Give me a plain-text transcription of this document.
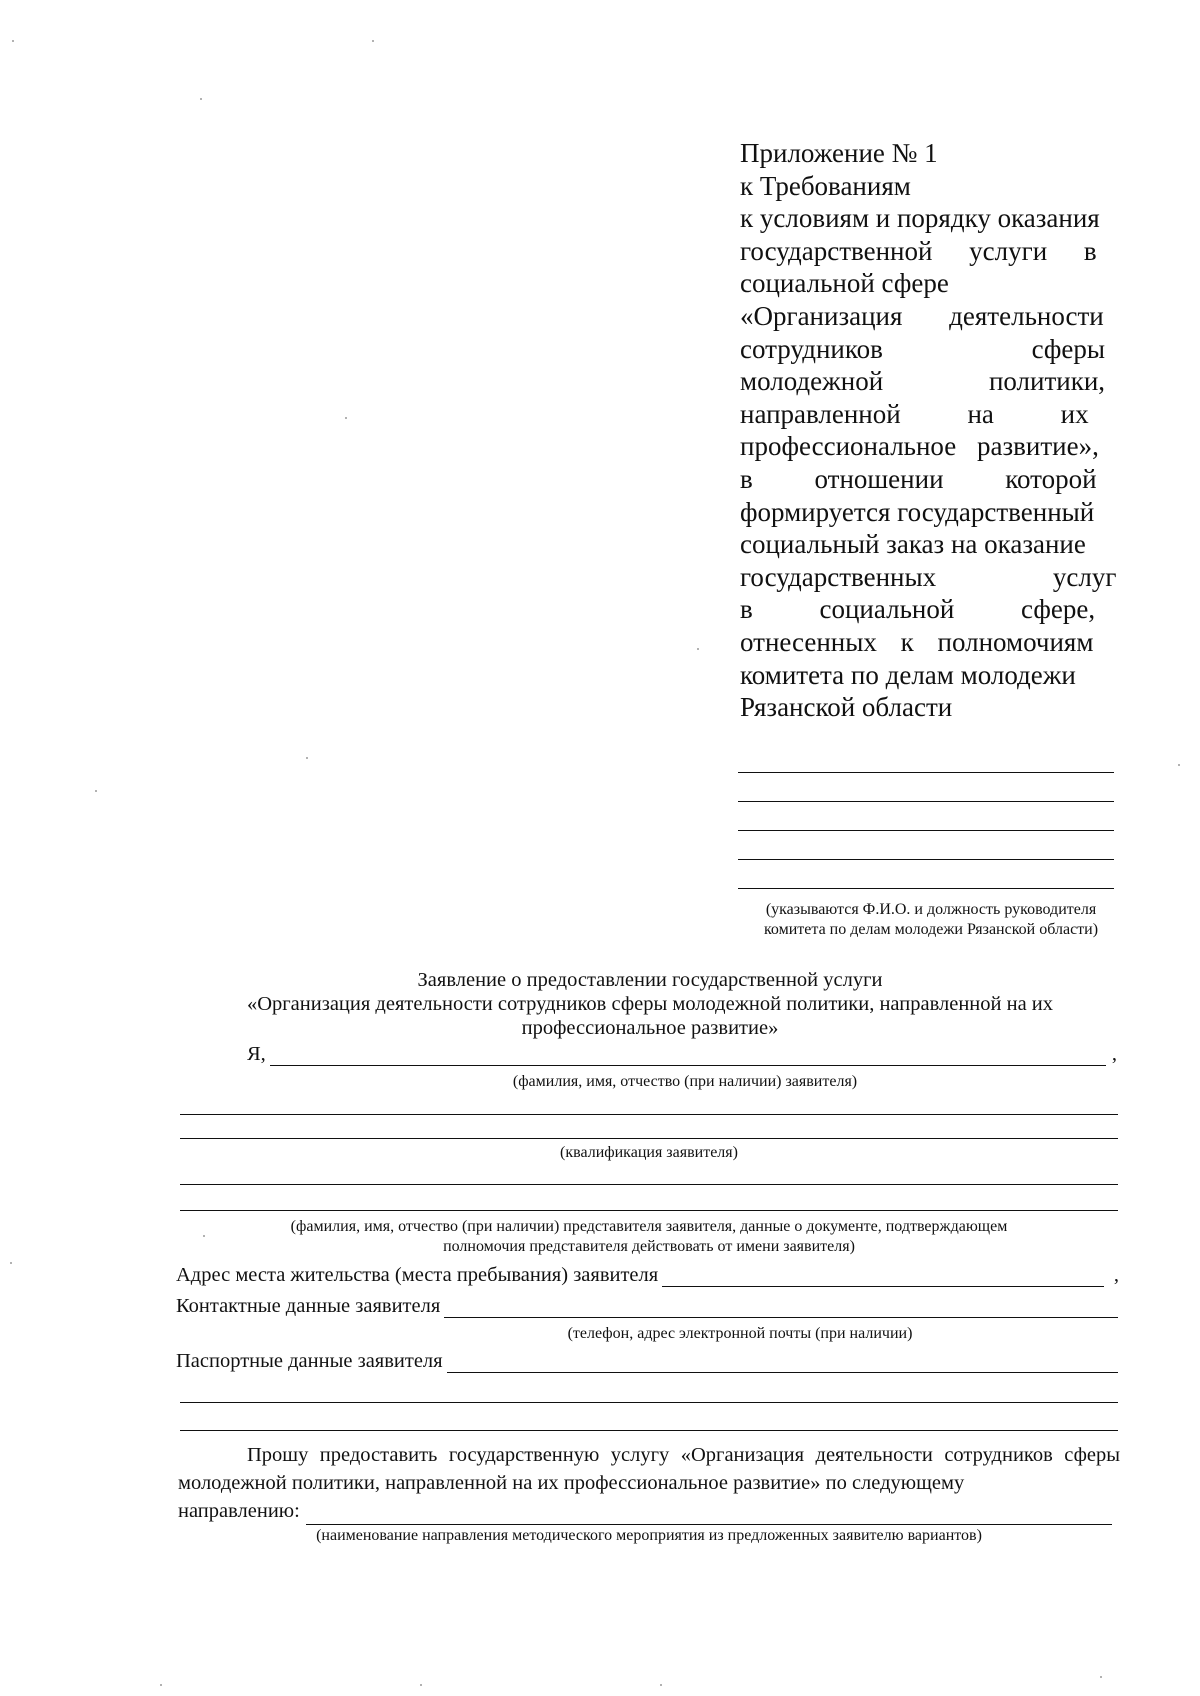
Приложение № 1
к Требованиям
к условиям и порядку оказания
государственной услуги в
социальной сфере
«Организация деятельности
сотрудников сферы
молодежной политики,
направленной на их
профессиональное развитие»,
в отношении которой
формируется государственный
социальный заказ на оказание
государственных услуг
в социальной сфере,
отнесенных к полномочиям
комитета по делам молодежи
Рязанской области
(указываются Ф.И.О. и должность руководителя
комитета по делам молодежи Рязанской области)
Заявление о предоставлении государственной услуги
«Организация деятельности сотрудников сферы молодежной политики, направленной на их
профессиональное развитие»
Я,	,
(фамилия, имя, отчество (при наличии) заявителя)
(квалификация заявителя)
(фамилия, имя, отчество (при наличии) представителя заявителя, данные о документе, подтверждающем
полномочия представителя действовать от имени заявителя)
Адрес места жительства (места пребывания) заявителя	,
Контактные данные заявителя
(телефон, адрес электронной почты (при наличии)
Паспортные данные заявителя
Прошу предоставить государственную услугу «Организация деятельности сотрудников сферы молодежной политики, направленной на их профессиональное развитие» по следующему
направлению:
(наименование направления методического мероприятия из предложенных заявителю вариантов)
